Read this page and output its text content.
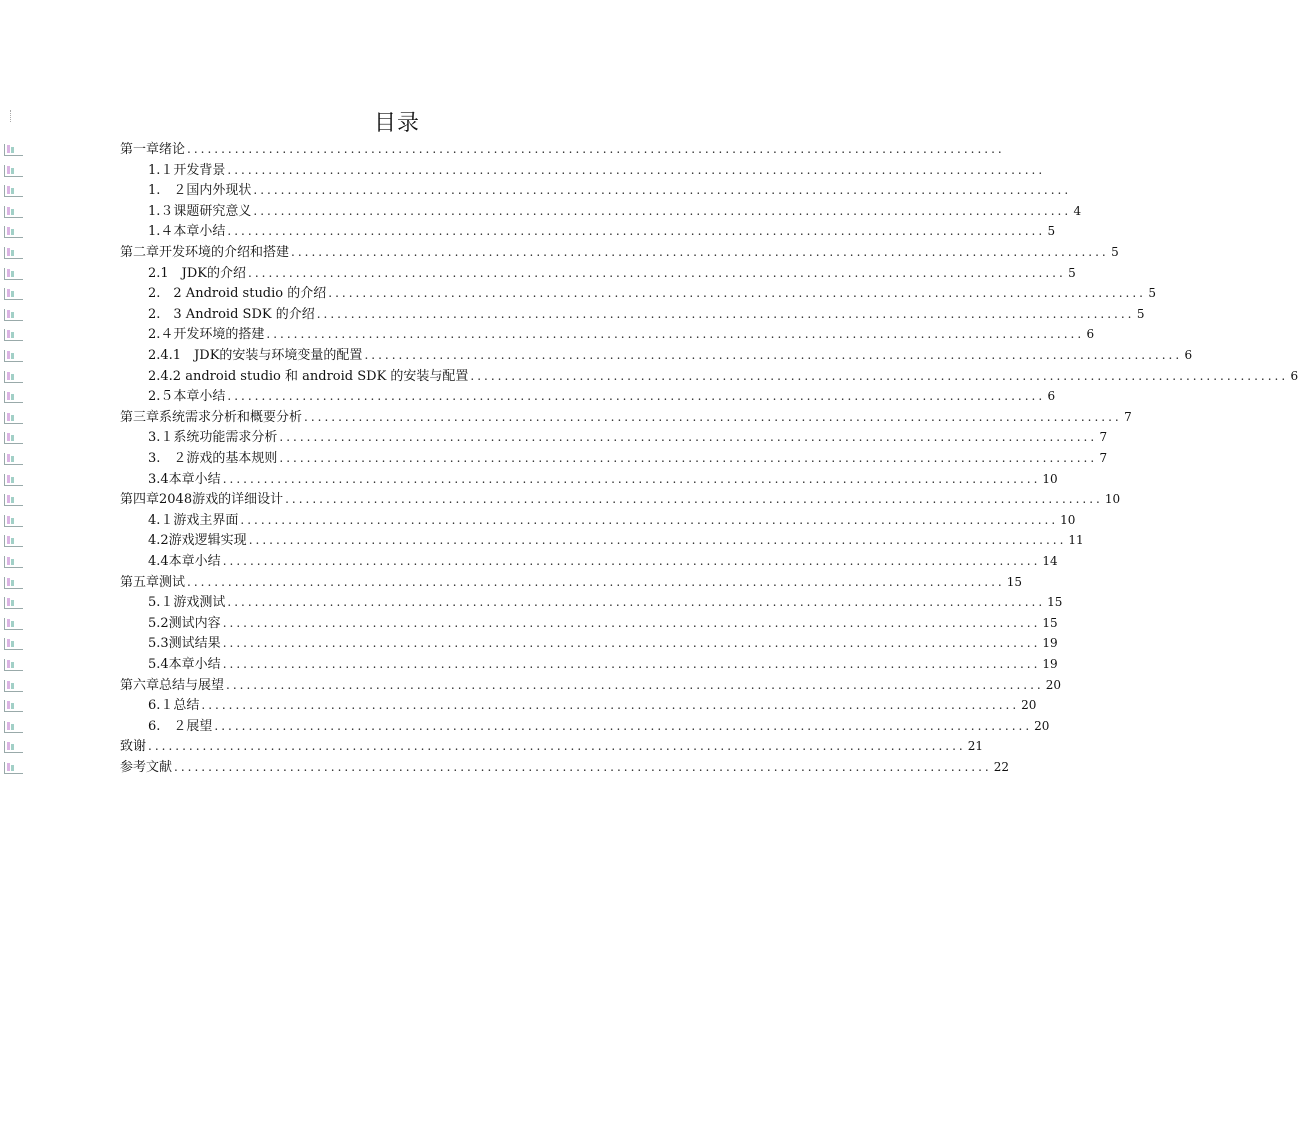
目录
第一章绪论 ........................................................................................................................
1.１开发背景 ........................................................................................................................
1.　２国内外现状 ........................................................................................................................
1.３课题研究意义 ........................................................................................................................ 4
1.４本章小结 ........................................................................................................................ 5
第二章开发环境的介绍和搭建 ........................................................................................................................ 5
2.1　JDK的介绍 ........................................................................................................................ 5
2.　2 Android studio 的介绍 ........................................................................................................................ 5
2.　3 Android SDK 的介绍 ........................................................................................................................ 5
2.４开发环境的搭建 ........................................................................................................................ 6
2.4.1　JDK的安装与环境变量的配置 ........................................................................................................................ 6
2.4.2 android studio 和 android SDK 的安装与配置 ........................................................................................................................ 6
2.５本章小结 ........................................................................................................................ 6
第三章系统需求分析和概要分析 ........................................................................................................................ 7
3.１系统功能需求分析 ........................................................................................................................ 7
3.　２游戏的基本规则 ........................................................................................................................ 7
3.4本章小结 ........................................................................................................................ 10
第四章2048游戏的详细设计 ........................................................................................................................ 10
4.１游戏主界面 ........................................................................................................................ 10
4.2游戏逻辑实现 ........................................................................................................................ 11
4.4本章小结 ........................................................................................................................ 14
第五章测试 ........................................................................................................................ 15
5.１游戏测试 ........................................................................................................................ 15
5.2测试内容 ........................................................................................................................ 15
5.3测试结果 ........................................................................................................................ 19
5.4本章小结 ........................................................................................................................ 19
第六章总结与展望 ........................................................................................................................ 20
6.１总结 ........................................................................................................................ 20
6.　２展望 ........................................................................................................................ 20
致谢 ........................................................................................................................ 21
参考文献 ........................................................................................................................ 22
